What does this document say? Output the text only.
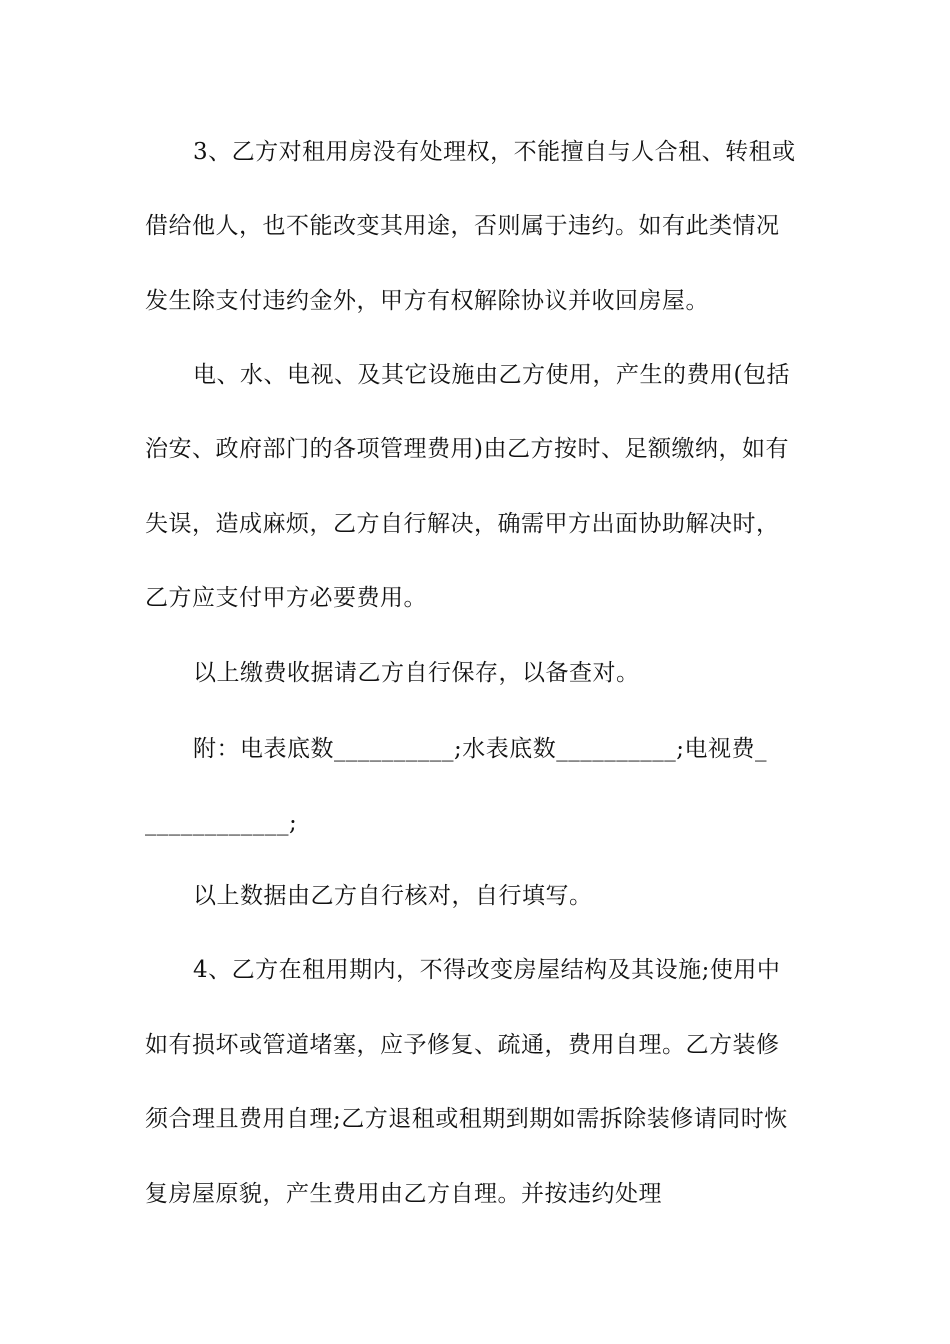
3、乙方对租用房没有处理权，不能擅自与人合租、转租或
借给他人，也不能改变其用途，否则属于违约。如有此类情况
发生除支付违约金外，甲方有权解除协议并收回房屋。
电、水、电视、及其它设施由乙方使用，产生的费用(包括
治安、政府部门的各项管理费用)由乙方按时、足额缴纳，如有
失误，造成麻烦，乙方自行解决，确需甲方出面协助解决时，
乙方应支付甲方必要费用。
以上缴费收据请乙方自行保存，以备查对。
附：电表底数__________;水表底数__________;电视费_
____________;
以上数据由乙方自行核对，自行填写。
4、乙方在租用期内，不得改变房屋结构及其设施;使用中
如有损坏或管道堵塞，应予修复、疏通，费用自理。乙方装修
须合理且费用自理;乙方退租或租期到期如需拆除装修请同时恢
复房屋原貌，产生费用由乙方自理。并按违约处理
